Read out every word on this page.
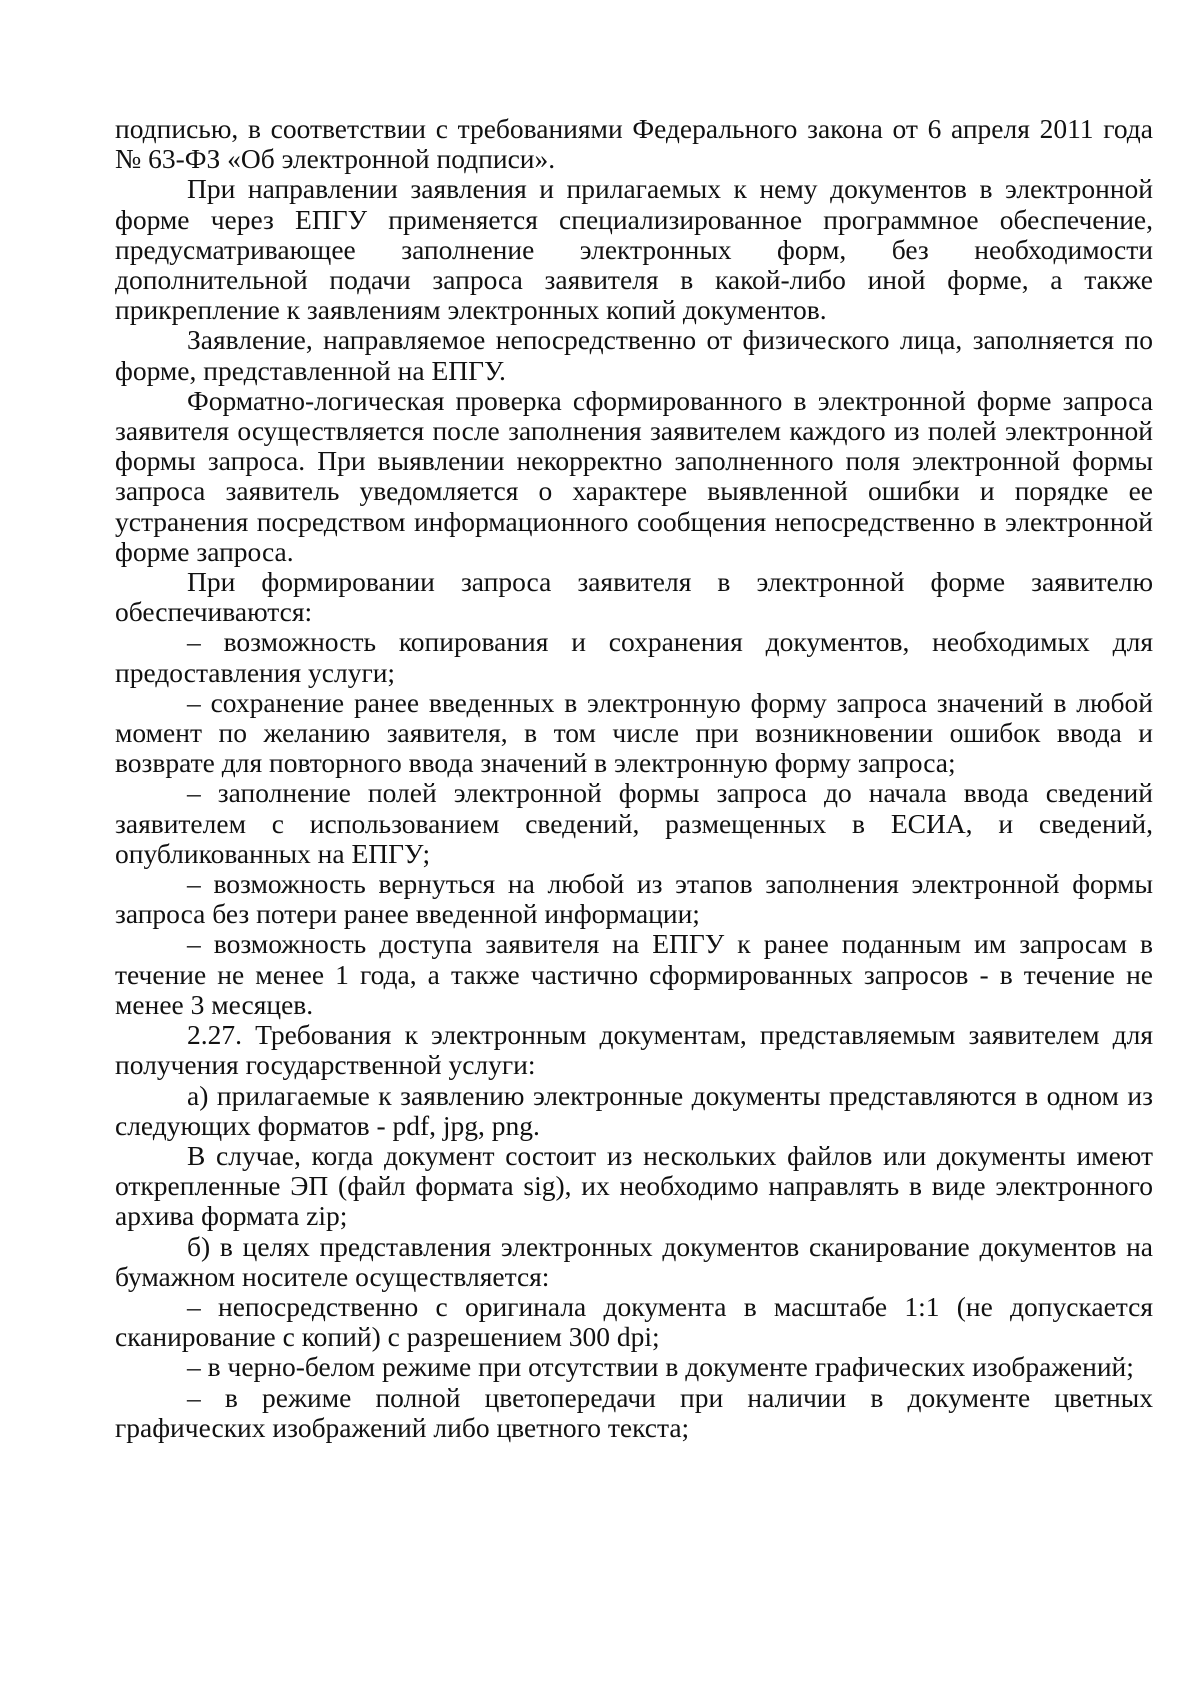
подписью, в соответствии с требованиями Федерального закона от 6 апреля 2011 года № 63-ФЗ «Об электронной подписи».

При направлении заявления и прилагаемых к нему документов в электронной форме через ЕПГУ применяется специализированное программное обеспечение, предусматривающее заполнение электронных форм, без необходимости дополнительной подачи запроса заявителя в какой-либо иной форме, а также прикрепление к заявлениям электронных копий документов.

Заявление, направляемое непосредственно от физического лица, заполняется по форме, представленной на ЕПГУ.

Форматно-логическая проверка сформированного в электронной форме запроса заявителя осуществляется после заполнения заявителем каждого из полей электронной формы запроса. При выявлении некорректно заполненного поля электронной формы запроса заявитель уведомляется о характере выявленной ошибки и порядке ее устранения посредством информационного сообщения непосредственно в электронной форме запроса.

При формировании запроса заявителя в электронной форме заявителю обеспечиваются:

– возможность копирования и сохранения документов, необходимых для предоставления услуги;

– сохранение ранее введенных в электронную форму запроса значений в любой момент по желанию заявителя, в том числе при возникновении ошибок ввода и возврате для повторного ввода значений в электронную форму запроса;

– заполнение полей электронной формы запроса до начала ввода сведений заявителем с использованием сведений, размещенных в ЕСИА, и сведений, опубликованных на ЕПГУ;

– возможность вернуться на любой из этапов заполнения электронной формы запроса без потери ранее введенной информации;

– возможность доступа заявителя на ЕПГУ к ранее поданным им запросам в течение не менее 1 года, а также частично сформированных запросов - в течение не менее 3 месяцев.

2.27. Требования к электронным документам, представляемым заявителем для получения государственной услуги:

а) прилагаемые к заявлению электронные документы представляются в одном из следующих форматов - pdf, jpg, png.

В случае, когда документ состоит из нескольких файлов или документы имеют открепленные ЭП (файл формата sig), их необходимо направлять в виде электронного архива формата zip;

б) в целях представления электронных документов сканирование документов на бумажном носителе осуществляется:

– непосредственно с оригинала документа в масштабе 1:1 (не допускается сканирование с копий) с разрешением 300 dpi;

– в черно-белом режиме при отсутствии в документе графических изображений;

– в режиме полной цветопередачи при наличии в документе цветных графических изображений либо цветного текста;
